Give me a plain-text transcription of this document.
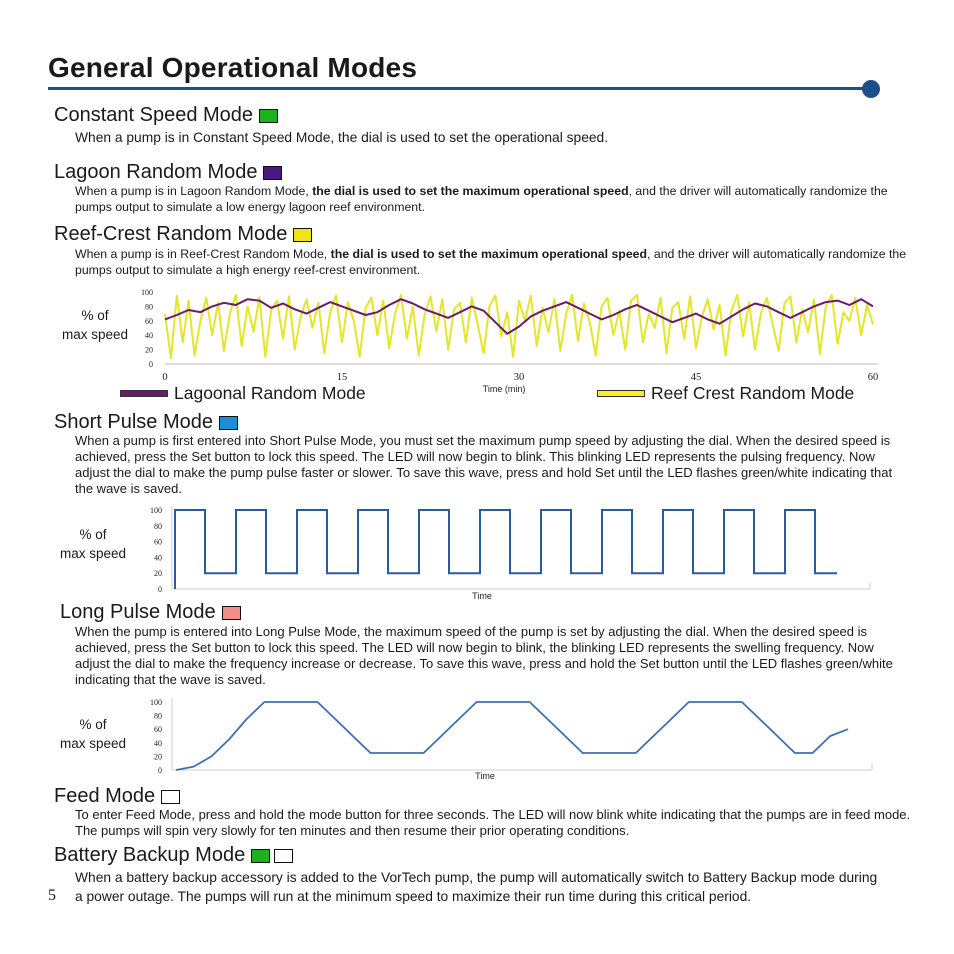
General Operational Modes
Constant Speed Mode
When a pump is in Constant Speed Mode, the dial is used to set the operational speed.
Lagoon Random Mode
When a pump is in Lagoon Random Mode, the dial is used to set the maximum operational speed, and the driver will automatically randomize the pumps output to simulate a low energy lagoon reef environment.
Reef-Crest Random Mode
When a pump is in Reef-Crest Random Mode, the dial is used to set the maximum operational speed, and the driver will automatically randomize the pumps output to simulate a high energy reef-crest environment.
% of
max speed
0
20
40
60
80
100
0	15	30	45	60
Time (min)
Lagoonal Random Mode	Reef Crest Random Mode
Short Pulse Mode
When a pump is first entered into Short Pulse Mode, you must set the maximum pump speed by adjusting the dial. When the desired speed is achieved, press the Set button to lock this speed. The LED will now begin to blink. This blinking LED represents the pulsing frequency. Now adjust the dial to make the pump pulse faster or slower. To save this wave, press and hold Set until the LED flashes green/white indicating that the wave is saved.
% of
max speed
0
20
40
60
80
100
Time
Long Pulse Mode
When the pump is entered into Long Pulse Mode, the maximum speed of the pump is set by adjusting the dial. When the desired speed is achieved, press the Set button to lock this speed. The LED will now begin to blink, the blinking LED represents the swelling frequency. Now adjust the dial to make the frequency increase or decrease. To save this wave, press and hold the Set button until the LED flashes green/white indicating that the wave is saved.
% of
max speed
0
20
40
60
80
100
Time
Feed Mode
To enter Feed Mode, press and hold the mode button for three seconds. The LED will now blink white indicating that the pumps are in feed mode. The pumps will spin very slowly for ten minutes and then resume their prior operating conditions.
Battery Backup Mode
When a battery backup accessory is added to the VorTech pump, the pump will automatically switch to Battery Backup mode during
a power outage. The pumps will run at the minimum speed to maximize their run time during this critical period.
5
